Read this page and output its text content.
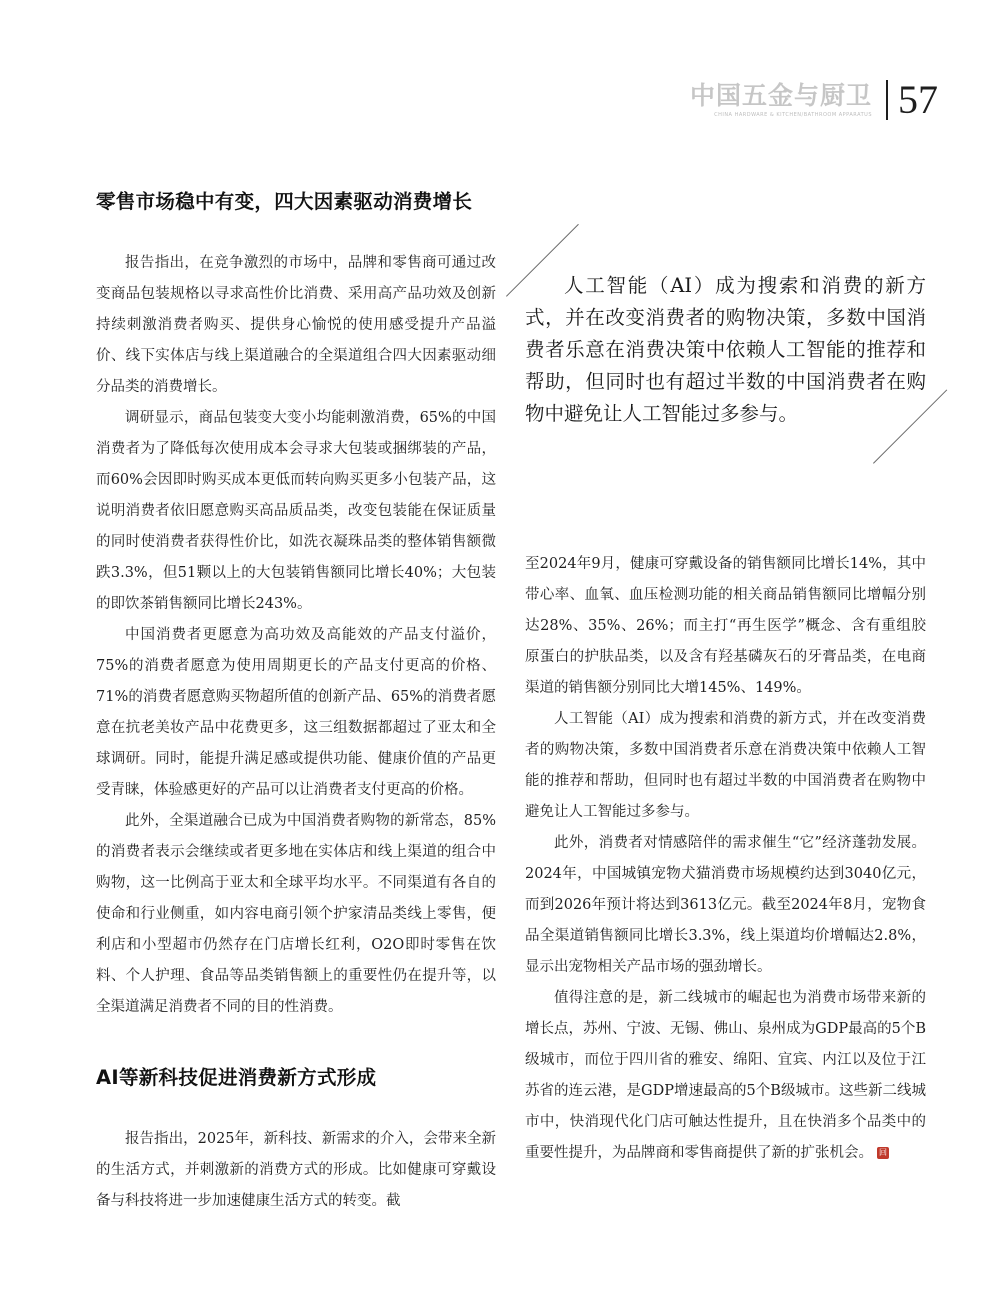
中国五金与厨卫
CHINA HARDWARE & KITCHEN/BATHROOM APPARATUS 57
零售市场稳中有变，四大因素驱动消费增长

报告指出，在竞争激烈的市场中，品牌和零售商可通过改变商品包装规格以寻求高性价比消费、采用高产品功效及创新持续刺激消费者购买、提供身心愉悦的使用感受提升产品溢价、线下实体店与线上渠道融合的全渠道组合四大因素驱动细分品类的消费增长。

调研显示，商品包装变大变小均能刺激消费，65%的中国消费者为了降低每次使用成本会寻求大包装或捆绑装的产品，而60%会因即时购买成本更低而转向购买更多小包装产品，这说明消费者依旧愿意购买高品质品类，改变包装能在保证质量的同时使消费者获得性价比，如洗衣凝珠品类的整体销售额微跌3.3%，但51颗以上的大包装销售额同比增长40%；大包装的即饮茶销售额同比增长243%。

中国消费者更愿意为高功效及高能效的产品支付溢价，75%的消费者愿意为使用周期更长的产品支付更高的价格、71%的消费者愿意购买物超所值的创新产品、65%的消费者愿意在抗老美妆产品中花费更多，这三组数据都超过了亚太和全球调研。同时，能提升满足感或提供功能、健康价值的产品更受青睐，体验感更好的产品可以让消费者支付更高的价格。

此外，全渠道融合已成为中国消费者购物的新常态，85%的消费者表示会继续或者更多地在实体店和线上渠道的组合中购物，这一比例高于亚太和全球平均水平。不同渠道有各自的使命和行业侧重，如内容电商引领个护家清品类线上零售，便利店和小型超市仍然存在门店增长红利，O2O即时零售在饮料、个人护理、食品等品类销售额上的重要性仍在提升等，以全渠道满足消费者不同的目的性消费。

AI等新科技促进消费新方式形成

报告指出，2025年，新科技、新需求的介入，会带来全新的生活方式，并刺激新的消费方式的形成。比如健康可穿戴设备与科技将进一步加速健康生活方式的转变。截

人工智能（AI）成为搜索和消费的新方式，并在改变消费者的购物决策，多数中国消费者乐意在消费决策中依赖人工智能的推荐和帮助，但同时也有超过半数的中国消费者在购物中避免让人工智能过多参与。

至2024年9月，健康可穿戴设备的销售额同比增长14%，其中带心率、血氧、血压检测功能的相关商品销售额同比增幅分别达28%、35%、26%；而主打“再生医学”概念、含有重组胶原蛋白的护肤品类，以及含有羟基磷灰石的牙膏品类，在电商渠道的销售额分别同比大增145%、149%。

人工智能（AI）成为搜索和消费的新方式，并在改变消费者的购物决策，多数中国消费者乐意在消费决策中依赖人工智能的推荐和帮助，但同时也有超过半数的中国消费者在购物中避免让人工智能过多参与。

此外，消费者对情感陪伴的需求催生“它”经济蓬勃发展。2024年，中国城镇宠物犬猫消费市场规模约达到3040亿元，而到2026年预计将达到3613亿元。截至2024年8月，宠物食品全渠道销售额同比增长3.3%，线上渠道均价增幅达2.8%，显示出宠物相关产品市场的强劲增长。

值得注意的是，新二线城市的崛起也为消费市场带来新的增长点，苏州、宁波、无锡、佛山、泉州成为GDP最高的5个B级城市，而位于四川省的雅安、绵阳、宜宾、内江以及位于江苏省的连云港，是GDP增速最高的5个B级城市。这些新二线城市中，快消现代化门店可触达性提升，且在快消多个品类中的重要性提升，为品牌商和零售商提供了新的扩张机会。 回
